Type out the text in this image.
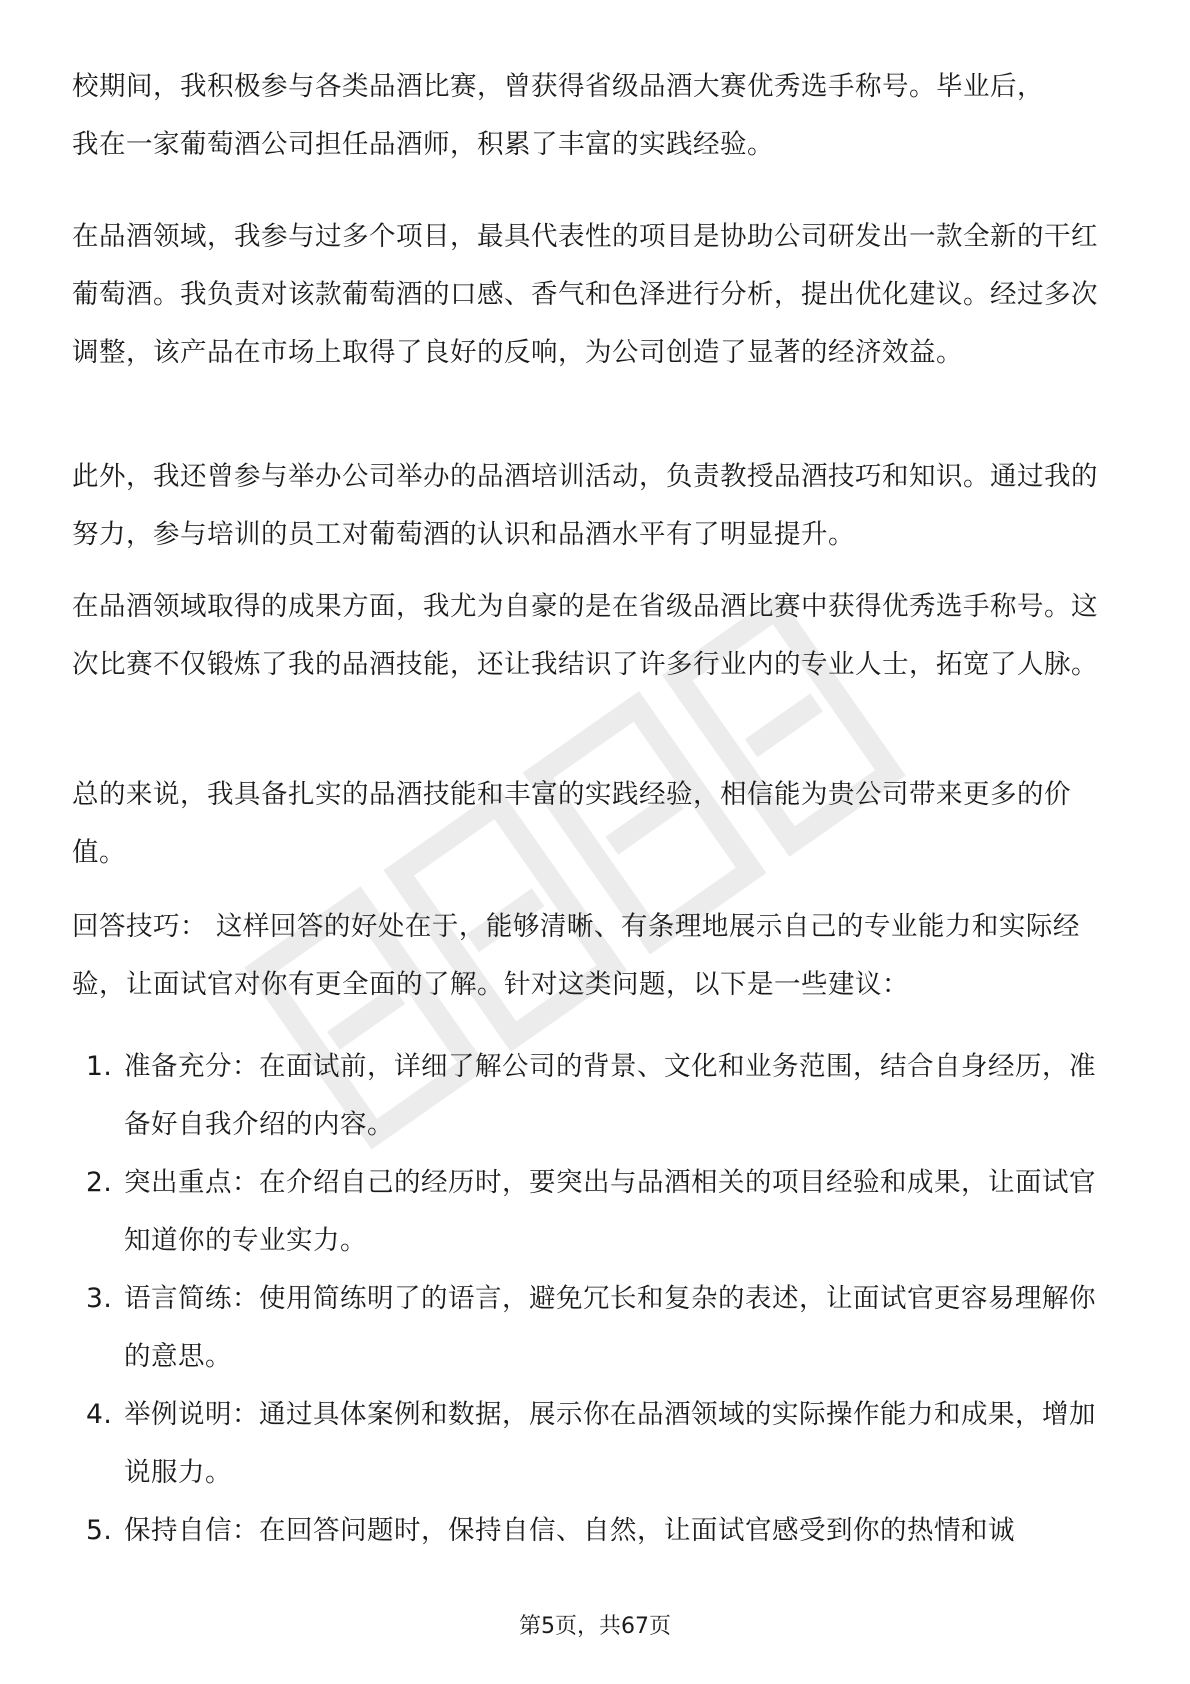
校期间，我积极参与各类品酒比赛，曾获得省级品酒大赛优秀选手称号。毕业后，

我在一家葡萄酒公司担任品酒师，积累了丰富的实践经验。

在品酒领域，我参与过多个项目，最具代表性的项目是协助公司研发出一款全新的干红葡萄酒。我负责对该款葡萄酒的口感、香气和色泽进行分析，提出优化建议。经过多次调整，该产品在市场上取得了良好的反响，为公司创造了显著的经济效益。

此外，我还曾参与举办公司举办的品酒培训活动，负责教授品酒技巧和知识。通过我的努力，参与培训的员工对葡萄酒的认识和品酒水平有了明显提升。

在品酒领域取得的成果方面，我尤为自豪的是在省级品酒比赛中获得优秀选手称号。这次比赛不仅锻炼了我的品酒技能，还让我结识了许多行业内的专业人士，拓宽了人脉。

总的来说，我具备扎实的品酒技能和丰富的实践经验，相信能为贵公司带来更多的价值。

回答技巧： 这样回答的好处在于，能够清晰、有条理地展示自己的专业能力和实际经验，让面试官对你有更全面的了解。针对这类问题，以下是一些建议：

1. 准备充分：在面试前，详细了解公司的背景、文化和业务范围，结合自身经历，准备好自我介绍的内容。
2. 突出重点：在介绍自己的经历时，要突出与品酒相关的项目经验和成果，让面试官知道你的专业实力。
3. 语言简练：使用简练明了的语言，避免冗长和复杂的表述，让面试官更容易理解你的意思。
4. 举例说明：通过具体案例和数据，展示你在品酒领域的实际操作能力和成果，增加说服力。
5. 保持自信：在回答问题时，保持自信、自然，让面试官感受到你的热情和诚
第5页，共67页
